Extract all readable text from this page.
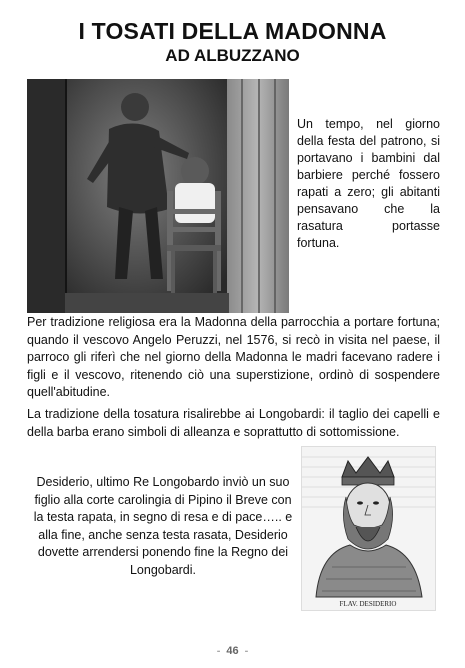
I TOSATI DELLA MADONNA
AD ALBUZZANO
Un tempo, nel giorno della festa del patrono, si portavano i bambini dal barbiere perché fossero rapati a zero; gli abitanti pensavano che la rasatura portasse fortuna.
Per tradizione religiosa era la Madonna della parrocchia a portare fortuna; quando il vescovo Angelo Peruzzi, nel 1576, si recò in visita nel paese, il parroco gli riferì che nel giorno della Madonna le madri facevano radere i figli e il vescovo, ritenendo ciò una superstizione, ordinò di sospendere quell'abitudine.
La tradizione della tosatura risalirebbe ai Longobardi: il taglio dei capelli e della barba erano simboli di alleanza e soprattutto di sottomissione.
Desiderio, ultimo Re Longobardo inviò un suo figlio alla corte carolingia di Pipino il Breve con la testa rapata, in segno di resa e di pace….. e alla fine, anche senza testa rasata, Desiderio dovette arrendersi ponendo fine la Regno dei Longobardi.
FLAV. DESIDERIO
- 46 -
